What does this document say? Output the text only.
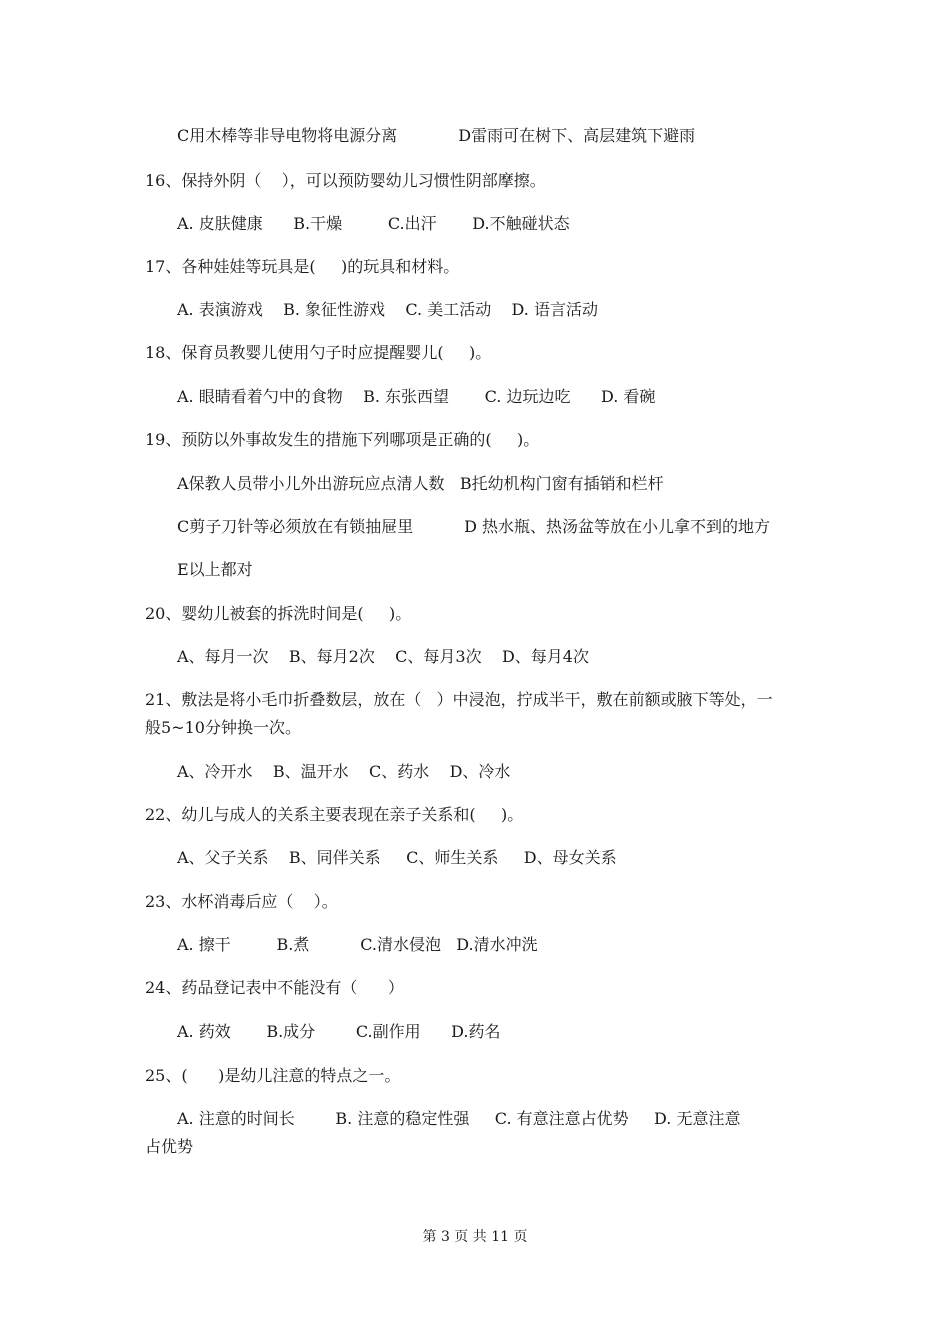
C用木棒等非导电物将电源分离            D雷雨可在树下、高层建筑下避雨
16、保持外阴（    ），可以预防婴幼儿习惯性阴部摩擦。
A. 皮肤健康      B.干燥         C.出汗       D.不触碰状态
17、各种娃娃等玩具是(     )的玩具和材料。
A. 表演游戏    B. 象征性游戏    C. 美工活动    D. 语言活动
18、保育员教婴儿使用勺子时应提醒婴儿(     )。
A. 眼睛看着勺中的食物    B. 东张西望       C. 边玩边吃      D. 看碗
19、预防以外事故发生的措施下列哪项是正确的(     )。
A保教人员带小儿外出游玩应点清人数   B托幼机构门窗有插销和栏杆
C剪子刀针等必须放在有锁抽屉里          D 热水瓶、热汤盆等放在小儿拿不到的地方
E以上都对
20、婴幼儿被套的拆洗时间是(     )。
A、每月一次    B、每月2次    C、每月3次    D、每月4次
21、敷法是将小毛巾折叠数层，放在（   ）中浸泡，拧成半干，敷在前额或腋下等处，一
般5~10分钟换一次。
A、冷开水    B、温开水    C、药水    D、冷水
22、幼儿与成人的关系主要表现在亲子关系和(     )。
A、父子关系    B、同伴关系     C、师生关系     D、母女关系
23、水杯消毒后应（    ）。
A. 擦干         B.煮          C.清水侵泡   D.清水冲洗
24、药品登记表中不能没有（      ）
A. 药效       B.成分        C.副作用      D.药名
25、(      )是幼儿注意的特点之一。
A. 注意的时间长        B. 注意的稳定性强     C. 有意注意占优势     D. 无意注意
占优势
第 3 页 共 11 页
